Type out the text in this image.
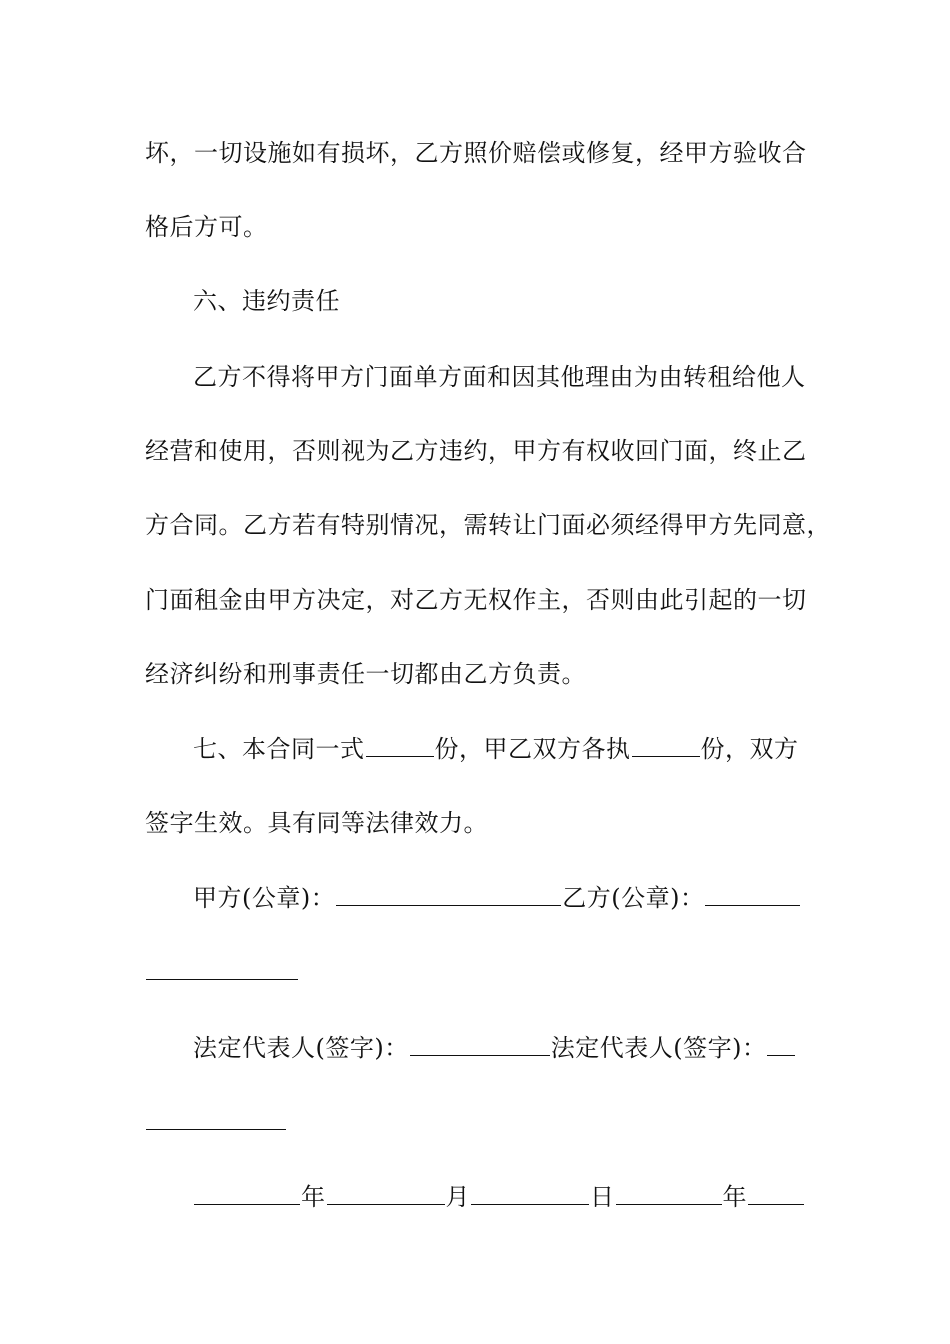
坏，一切设施如有损坏，乙方照价赔偿或修复，经甲方验收合
格后方可。
六、违约责任
乙方不得将甲方门面单方面和因其他理由为由转租给他人
经营和使用，否则视为乙方违约，甲方有权收回门面，终止乙
方合同。乙方若有特别情况，需转让门面必须经得甲方先同意，
门面租金由甲方决定，对乙方无权作主，否则由此引起的一切
经济纠纷和刑事责任一切都由乙方负责。
七、本合同一式	份，甲乙双方各执	份，双方
签字生效。具有同等法律效力。
甲方(公章)：	乙方(公章)：
法定代表人(签字)：	法定代表人(签字)：
年	月	日	年
